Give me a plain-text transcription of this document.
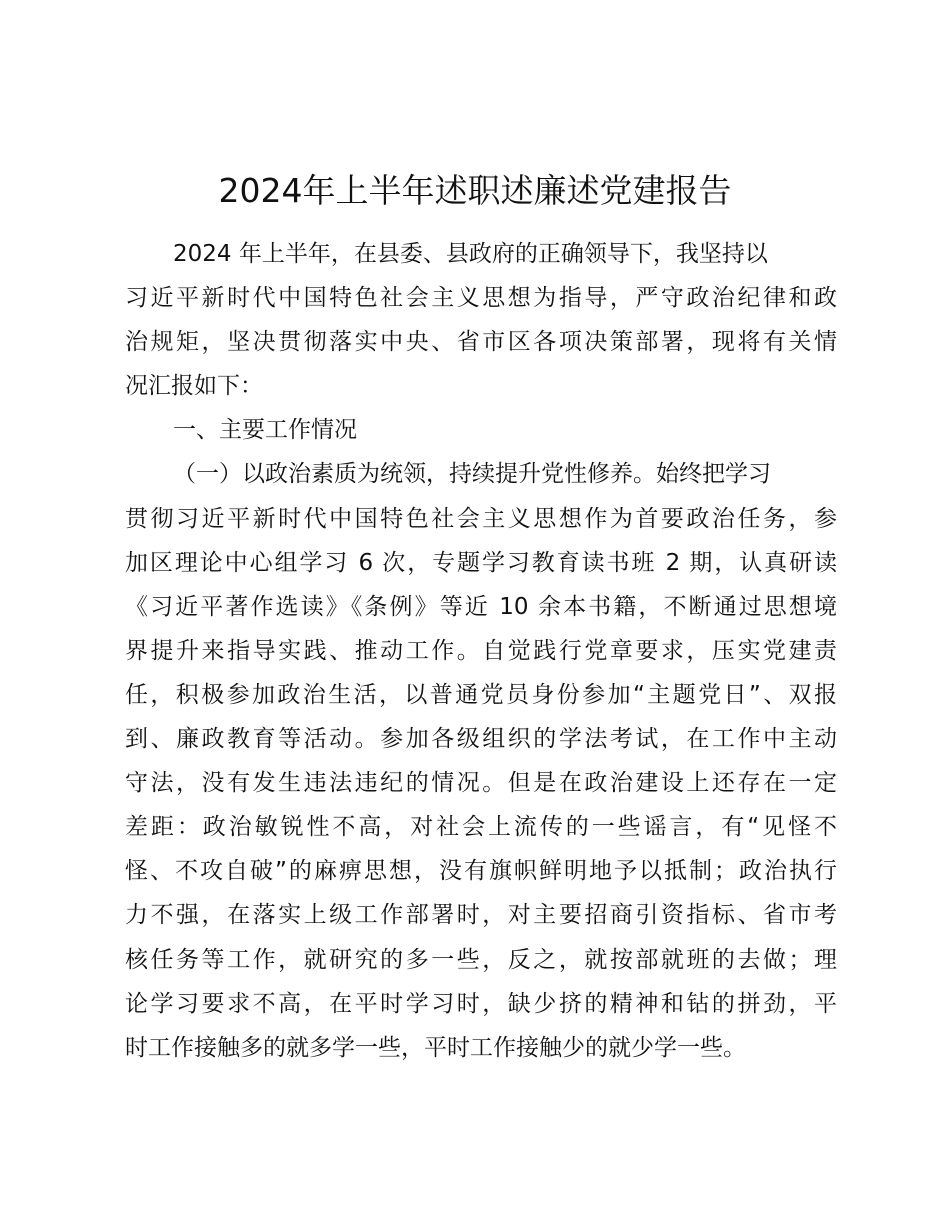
2024年上半年述职述廉述党建报告
2024 年上半年，在县委、县政府的正确领导下，我坚持以
习近平新时代中国特色社会主义思想为指导，严守政治纪律和政
治规矩，坚决贯彻落实中央、省市区各项决策部署，现将有关情
况汇报如下：
一、主要工作情况
（一）以政治素质为统领，持续提升党性修养。始终把学习
贯彻习近平新时代中国特色社会主义思想作为首要政治任务，参
加区理论中心组学习 6 次，专题学习教育读书班 2 期，认真研读
《习近平著作选读》《条例》等近 10 余本书籍，不断通过思想境
界提升来指导实践、推动工作。自觉践行党章要求，压实党建责
任，积极参加政治生活，以普通党员身份参加“主题党日”、双报
到、廉政教育等活动。参加各级组织的学法考试，在工作中主动
守法，没有发生违法违纪的情况。但是在政治建设上还存在一定
差距：政治敏锐性不高，对社会上流传的一些谣言，有“见怪不
怪、不攻自破”的麻痹思想，没有旗帜鲜明地予以抵制；政治执行
力不强，在落实上级工作部署时，对主要招商引资指标、省市考
核任务等工作，就研究的多一些，反之，就按部就班的去做；理
论学习要求不高，在平时学习时，缺少挤的精神和钻的拼劲，平
时工作接触多的就多学一些，平时工作接触少的就少学一些。
